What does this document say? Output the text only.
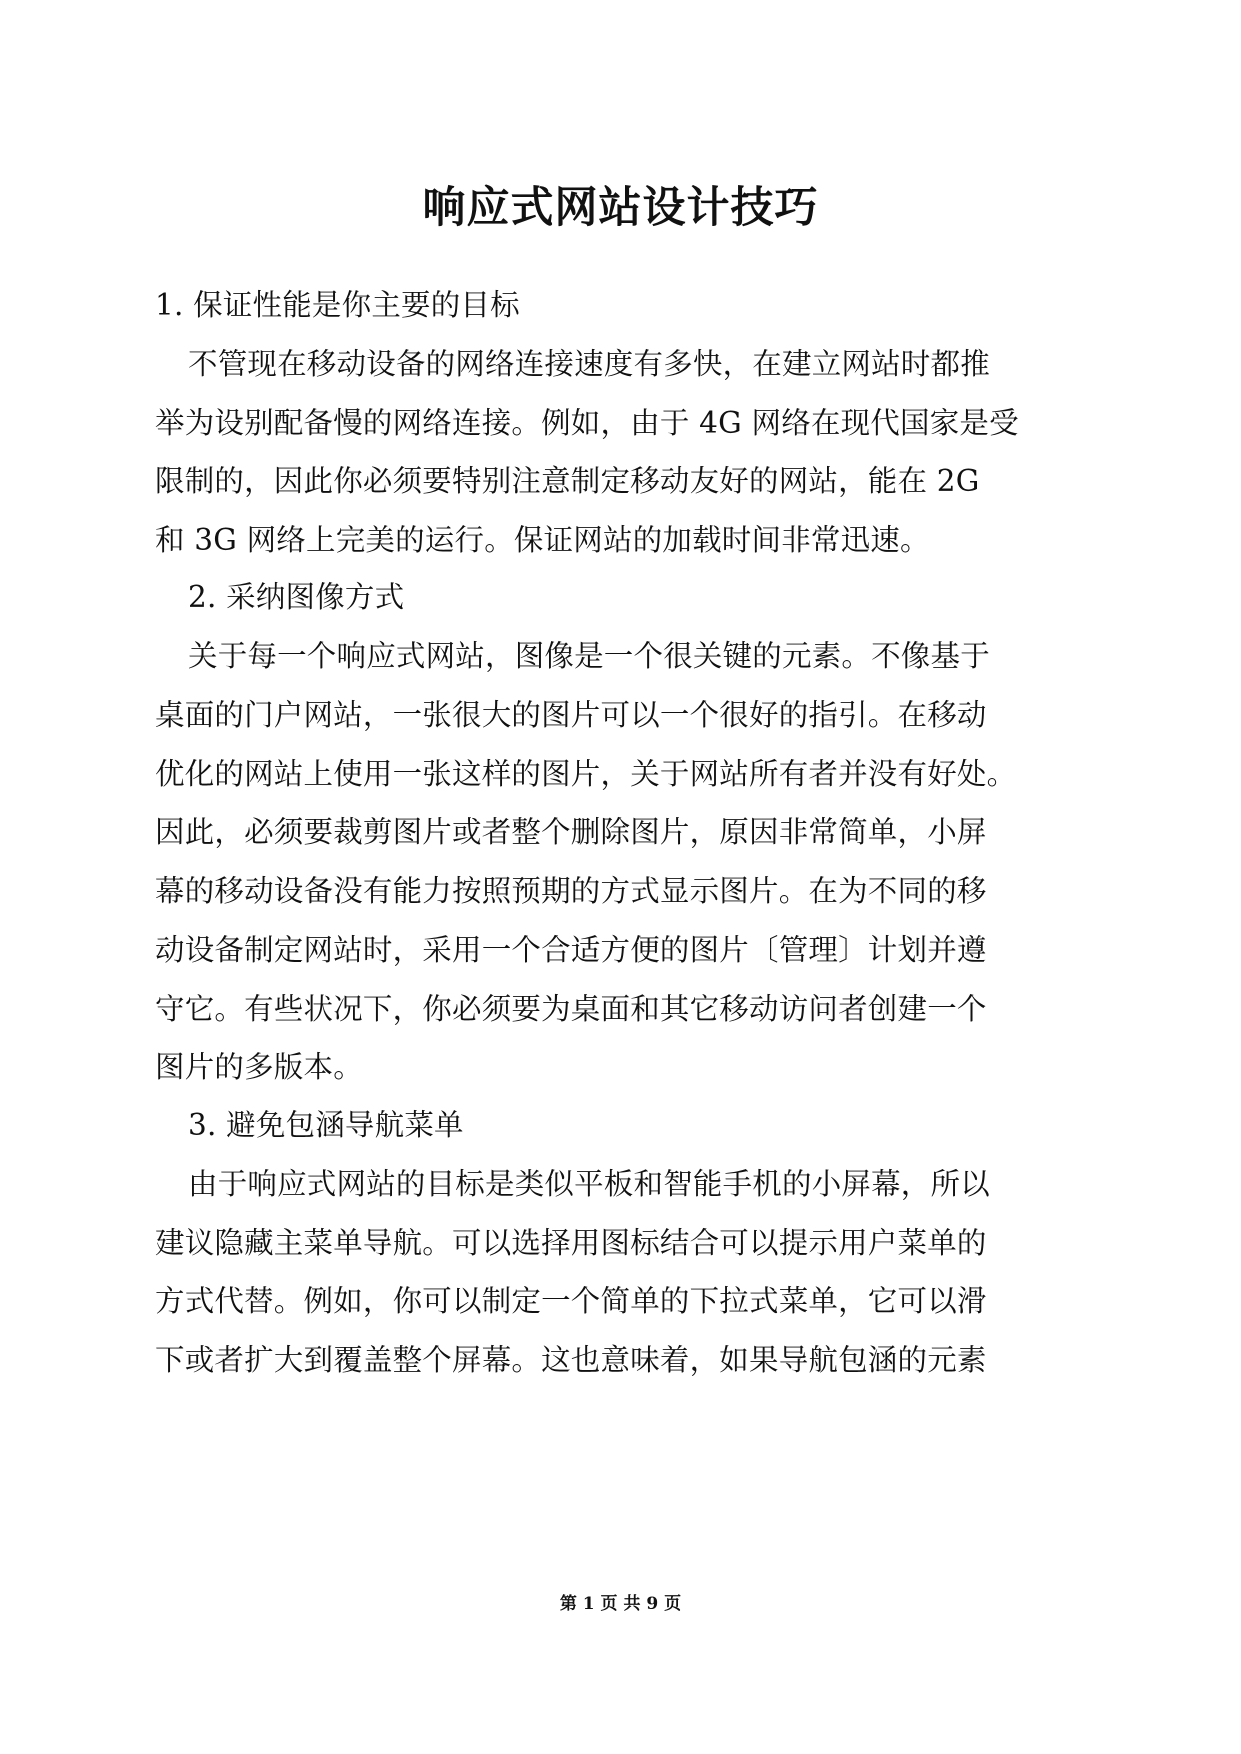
响应式网站设计技巧
1. 保证性能是你主要的目标
不管现在移动设备的网络连接速度有多快，在建立网站时都推
举为设别配备慢的网络连接。例如，由于 4G 网络在现代国家是受
限制的，因此你必须要特别注意制定移动友好的网站，能在 2G
和 3G 网络上完美的运行。保证网站的加载时间非常迅速。
2. 采纳图像方式
关于每一个响应式网站，图像是一个很关键的元素。不像基于
桌面的门户网站，一张很大的图片可以一个很好的指引。在移动
优化的网站上使用一张这样的图片，关于网站所有者并没有好处。
因此，必须要裁剪图片或者整个删除图片，原因非常简单，小屏
幕的移动设备没有能力按照预期的方式显示图片。在为不同的移
动设备制定网站时，采用一个合适方便的图片〔管理〕计划并遵
守它。有些状况下，你必须要为桌面和其它移动访问者创建一个
图片的多版本。
3. 避免包涵导航菜单
由于响应式网站的目标是类似平板和智能手机的小屏幕，所以
建议隐藏主菜单导航。可以选择用图标结合可以提示用户菜单的
方式代替。例如，你可以制定一个简单的下拉式菜单，它可以滑
下或者扩大到覆盖整个屏幕。这也意味着，如果导航包涵的元素
第 1 页 共 9 页
